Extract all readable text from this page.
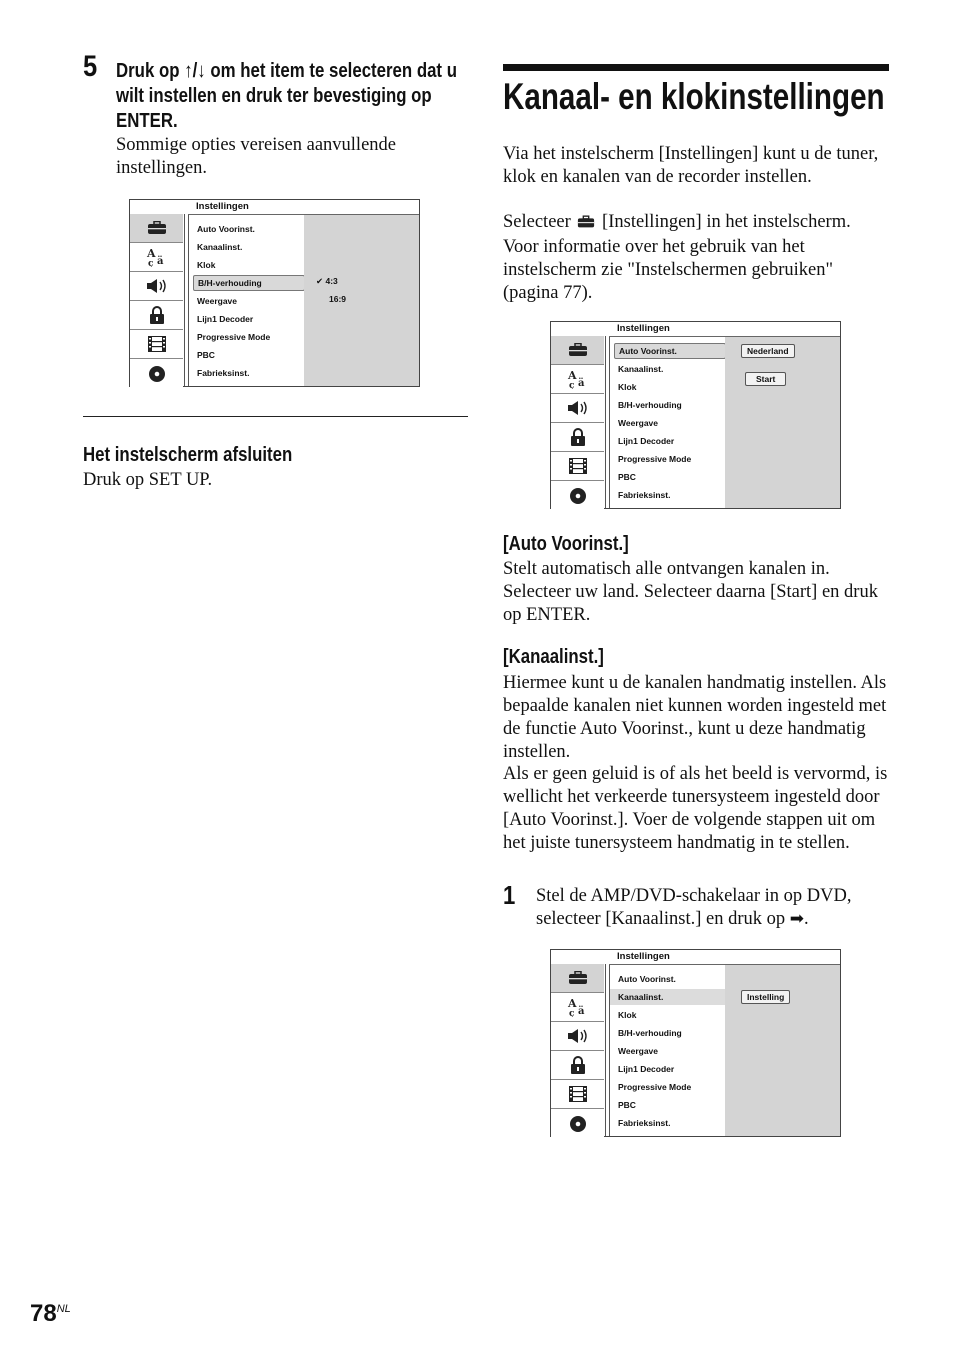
5 Druk op ↑/↓ om het item te selecteren dat u wilt instellen en druk ter bevestiging op ENTER.
Sommige opties vereisen aanvullende instellingen.
Instellingen
A
ä
ç
Auto Voorinst.
Kanaalinst.
Klok
B/H-verhouding
Weergave
Lijn1 Decoder
Progressive Mode
PBC
Fabrieksinst.
✔ 4:3
16:9
Het instelscherm afsluiten
Druk op SET UP.
Kanaal- en klokinstellingen
Via het instelscherm [Instellingen] kunt u de tuner, klok en kanalen van de recorder instellen.
Selecteer [Instellingen] in het instelscherm. Voor informatie over het gebruik van het instelscherm zie "Instelschermen gebruiken" (pagina 77).
Instellingen
A
ä
ç
Auto Voorinst.
Kanaalinst.
Klok
B/H-verhouding
Weergave
Lijn1 Decoder
Progressive Mode
PBC
Fabrieksinst.
Nederland
Start
[Auto Voorinst.]
Stelt automatisch alle ontvangen kanalen in. Selecteer uw land. Selecteer daarna [Start] en druk op ENTER.
[Kanaalinst.]
Hiermee kunt u de kanalen handmatig instellen. Als bepaalde kanalen niet kunnen worden ingesteld met de functie Auto Voorinst., kunt u deze handmatig instellen.
Als er geen geluid is of als het beeld is vervormd, is wellicht het verkeerde tunersysteem ingesteld door [Auto Voorinst.]. Voer de volgende stappen uit om het juiste tunersysteem handmatig in te stellen.
1 Stel de AMP/DVD-schakelaar in op DVD, selecteer [Kanaalinst.] en druk op ➡.
Instellingen
A
ä
ç
Auto Voorinst.
Kanaalinst.
Klok
B/H-verhouding
Weergave
Lijn1 Decoder
Progressive Mode
PBC
Fabrieksinst.
Instelling
$78^{NL}$
